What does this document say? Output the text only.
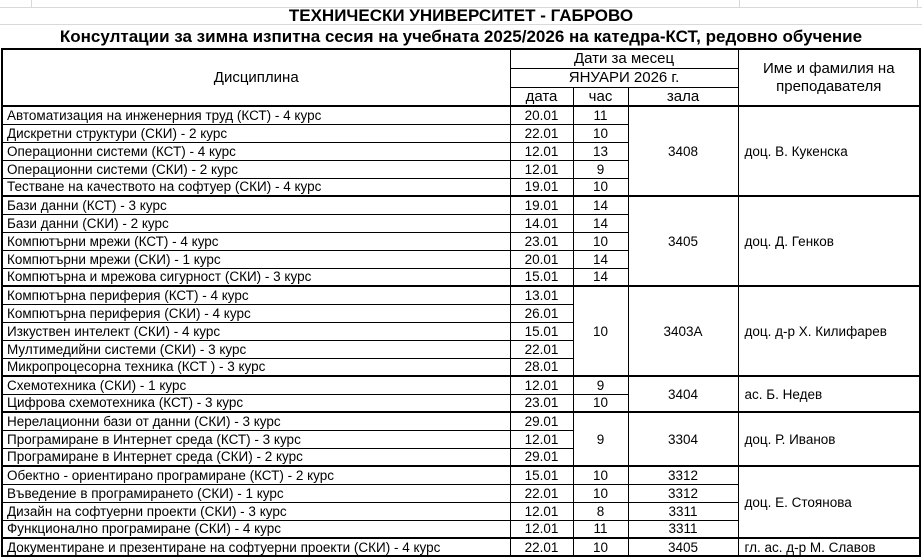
ТЕХНИЧЕСКИ УНИВЕРСИТЕТ - ГАБРОВО
Консултации за зимна изпитна сесия на учебната 2025/2026 на катедра-КСТ, редовно обучение
Дисциплина	Дати за месец			Име и фамилия на преподавателя
	ЯНУАРИ 2026 г.			
	дата	час	зала	
Автоматизация на инженерния труд (КСТ) - 4 курс	20.01	11	3408	доц. В. Кукенска
Дискретни структури (СКИ) - 2 курс	22.01	10		
Операционни системи (КСТ) - 4 курс	12.01	13		
Операционни системи (СКИ) - 2 курс	12.01	9		
Тестване на качеството на софтуер (СКИ) - 4 курс	19.01	10		
Бази данни (КСТ) - 3 курс	19.01	14	3405	доц. Д. Генков
Бази данни (СКИ) - 2 курс	14.01	14		
Компютърни мрежи (КСТ) - 4 курс	23.01	10		
Компютърни мрежи (СКИ) - 1 курс	20.01	14		
Компютърна и мрежова сигурност (СКИ) - 3 курс	15.01	14		
Компютърна периферия (КСТ) - 4 курс	13.01	10	3403А	доц. д-р Х. Килифарев
Компютърна периферия (СКИ) - 4 курс	26.01			
Изкуствен интелект (СКИ) - 4 курс	15.01			
Мултимедийни системи (СКИ) - 3 курс	22.01			
Микропроцесорна техника (КСТ ) - 3 курс	28.01			
Схемотехника (СКИ) - 1 курс	12.01	9	3404	ас. Б. Недев
Цифрова схемотехника (КСТ) - 3 курс	23.01	10		
Нерелационни бази от данни (СКИ) - 3 курс	29.01	9	3304	доц. Р. Иванов
Програмиране в Интернет среда (КСТ) - 3 курс	12.01			
Програмиране в Интернет среда (СКИ) - 2 курс	29.01			
Обектно - ориентирано програмиране (КСТ) - 2 курс	15.01	10	3312	доц. Е. Стоянова
Въведение в програмирането (СКИ) - 1 курс	22.01	10	3312	
Дизайн на софтуерни проекти (СКИ) - 3 курс	12.01	8	3311	
Функционално програмиране (СКИ) - 4 курс	12.01	11	3311	
Документиране и презентиране на софтуерни проекти (СКИ) - 4 курс	22.01	10	3405	гл. ас. д-р М. Славов
